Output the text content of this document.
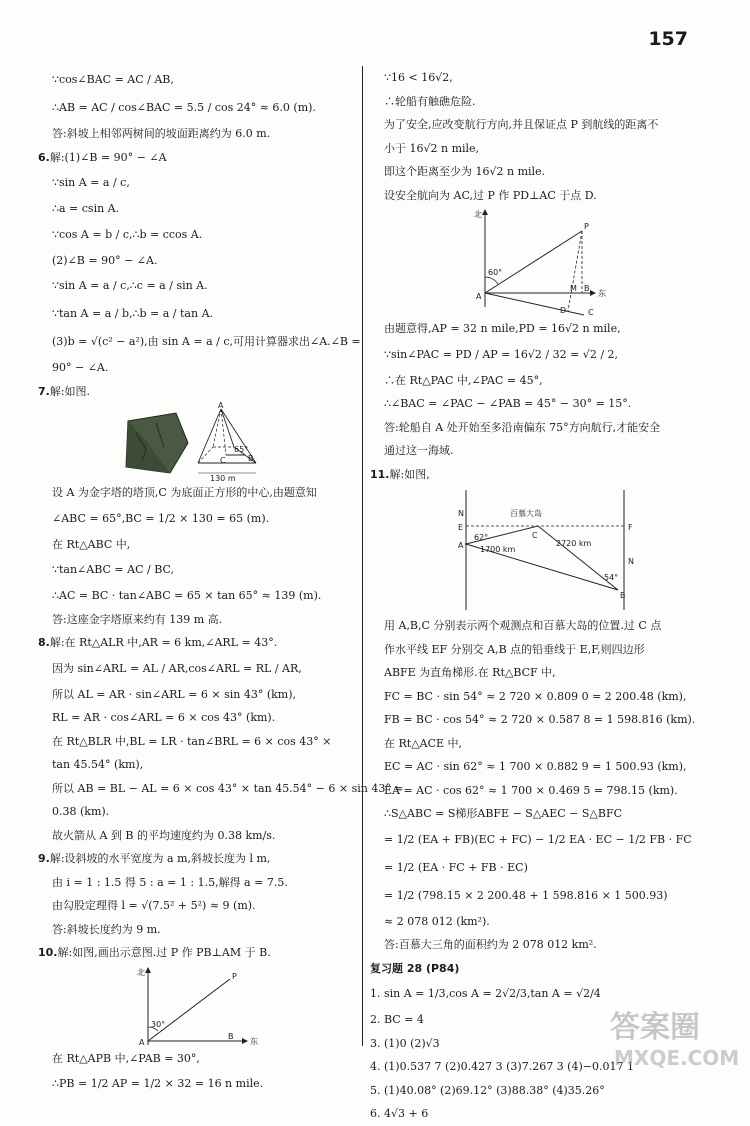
157
∵cos∠BAC = AC / AB,
∴AB = AC / cos∠BAC = 5.5 / cos 24° ≈ 6.0 (m).
答:斜坡上相邻两树间的坡面距离约为 6.0 m.
6.解:(1)∠B = 90° − ∠A
∵sin A = a / c,
∴a = csin A.
∵cos A = b / c,∴b = ccos A.
(2)∠B = 90° − ∠A.
∵sin A = a / c,∴c = a / sin A.
∵tan A = a / b,∴b = a / tan A.
(3)b = √(c² − a²),由 sin A = a / c,可用计算器求出∠A.∠B =
90° − ∠A.
7.解:如图.
A
65°
C	B
130 m
设 A 为金字塔的塔顶,C 为底面正方形的中心,由题意知
∠ABC = 65°,BC = 1/2 × 130 = 65 (m).
在 Rt△ABC 中,
∵tan∠ABC = AC / BC,
∴AC = BC · tan∠ABC = 65 × tan 65° ≈ 139 (m).
答:这座金字塔原来约有 139 m 高.
8.解:在 Rt△ALR 中,AR = 6 km,∠ARL = 43°.
因为 sin∠ARL = AL / AR,cos∠ARL = RL / AR,
所以 AL = AR · sin∠ARL = 6 × sin 43° (km),
RL = AR · cos∠ARL = 6 × cos 43° (km).
在 Rt△BLR 中,BL = LR · tan∠BRL = 6 × cos 43° ×
tan 45.54° (km),
所以 AB = BL − AL = 6 × cos 43° × tan 45.54° − 6 × sin 43° ≈
0.38 (km).
故火箭从 A 到 B 的平均速度约为 0.38 km/s.
9.解:设斜坡的水平宽度为 a m,斜坡长度为 l m,
由 i = 1 : 1.5 得 5 : a = 1 : 1.5,解得 a = 7.5.
由勾股定理得 l = √(7.5² + 5²) ≈ 9 (m).
答:斜坡长度约为 9 m.
10.解:如图,画出示意图.过 P 作 PB⊥AM 于 B.
北
东
P
A
B
30°
在 Rt△APB 中,∠PAB = 30°,
∴PB = 1/2 AP = 1/2 × 32 = 16 n mile.
∵16 < 16√2,
∴轮船有触礁危险.
为了安全,应改变航行方向,并且保证点 P 到航线的距离不
小于 16√2 n mile,
即这个距离至少为 16√2 n mile.
设安全航向为 AC,过 P 作 PD⊥AC 于点 D.
北
东
P
A
M
D
B
C
60°
由题意得,AP = 32 n mile,PD = 16√2 n mile,
∵sin∠PAC = PD / AP = 16√2 / 32 = √2 / 2,
∴在 Rt△PAC 中,∠PAC = 45°,
∴∠BAC = ∠PAC − ∠PAB = 45° − 30° = 15°.
答:轮船自 A 处开始至多沿南偏东 75°方向航行,才能安全
通过这一海域.
11.解:如图,
N
N
E	F
A
B
C
百慕大岛
1700 km
2720 km
62°
54°
用 A,B,C 分别表示两个观测点和百慕大岛的位置.过 C 点
作水平线 EF 分别交 A,B 点的铅垂线于 E,F,则四边形
ABFE 为直角梯形.在 Rt△BCF 中,
FC = BC · sin 54° ≈ 2 720 × 0.809 0 = 2 200.48 (km),
FB = BC · cos 54° ≈ 2 720 × 0.587 8 = 1 598.816 (km).
在 Rt△ACE 中,
EC = AC · sin 62° ≈ 1 700 × 0.882 9 = 1 500.93 (km),
EA = AC · cos 62° ≈ 1 700 × 0.469 5 = 798.15 (km).
∴S△ABC = S梯形ABFE − S△AEC − S△BFC
= 1/2 (EA + FB)(EC + FC) − 1/2 EA · EC − 1/2 FB · FC
= 1/2 (EA · FC + FB · EC)
= 1/2 (798.15 × 2 200.48 + 1 598.816 × 1 500.93)
≈ 2 078 012 (km²).
答:百慕大三角的面积约为 2 078 012 km².
复习题 28 (P84)
1. sin A = 1/3,cos A = 2√2/3,tan A = √2/4
2. BC = 4
3. (1)0 (2)√3
4. (1)0.537 7 (2)0.427 3 (3)7.267 3 (4)−0.017 1
5. (1)40.08° (2)69.12° (3)88.38° (4)35.26°
6. 4√3 + 6
答案圈
MXQE.COM
